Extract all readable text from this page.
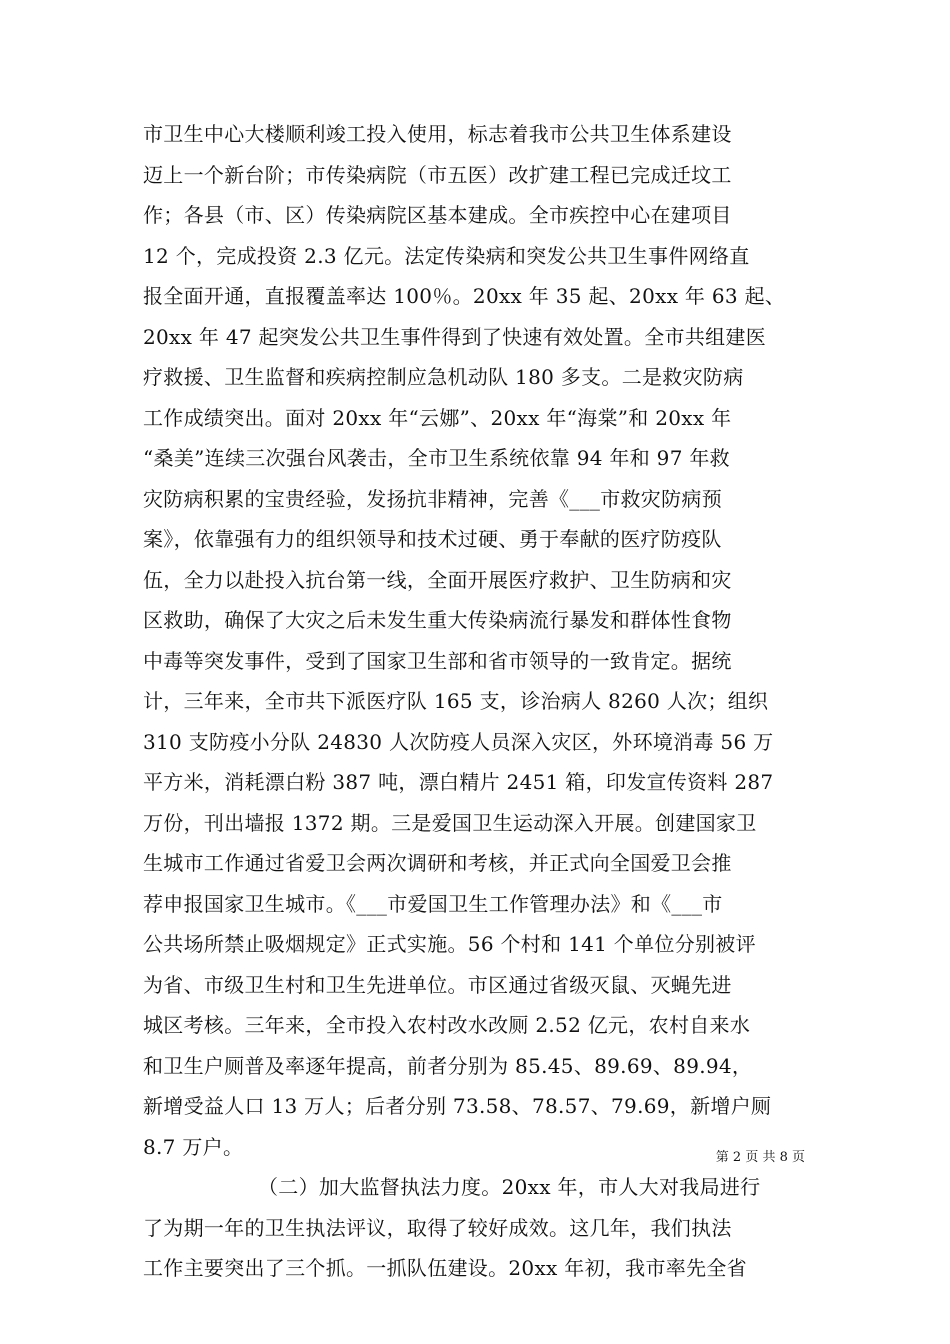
市卫生中心大楼顺利竣工投入使用，标志着我市公共卫生体系建设
迈上一个新台阶；市传染病院（市五医）改扩建工程已完成迁坟工
作；各县（市、区）传染病院区基本建成。全市疾控中心在建项目
12 个，完成投资 2.3 亿元。法定传染病和突发公共卫生事件网络直
报全面开通，直报覆盖率达 100％。20xx 年 35 起、20xx 年 63 起、
20xx 年 47 起突发公共卫生事件得到了快速有效处置。全市共组建医
疗救援、卫生监督和疾病控制应急机动队 180 多支。二是救灾防病
工作成绩突出。面对 20xx 年“云娜”、20xx 年“海棠”和 20xx 年
“桑美”连续三次强台风袭击，全市卫生系统依靠 94 年和 97 年救
灾防病积累的宝贵经验，发扬抗非精神，完善《___市救灾防病预
案》，依靠强有力的组织领导和技术过硬、勇于奉献的医疗防疫队
伍，全力以赴投入抗台第一线，全面开展医疗救护、卫生防病和灾
区救助，确保了大灾之后未发生重大传染病流行暴发和群体性食物
中毒等突发事件，受到了国家卫生部和省市领导的一致肯定。据统
计，三年来，全市共下派医疗队 165 支，诊治病人 8260 人次；组织
310 支防疫小分队 24830 人次防疫人员深入灾区，外环境消毒 56 万
平方米，消耗漂白粉 387 吨，漂白精片 2451 箱，印发宣传资料 287
万份，刊出墙报 1372 期。三是爱国卫生运动深入开展。创建国家卫
生城市工作通过省爱卫会两次调研和考核，并正式向全国爱卫会推
荐申报国家卫生城市。《___市爱国卫生工作管理办法》和《___市
公共场所禁止吸烟规定》正式实施。56 个村和 141 个单位分别被评
为省、市级卫生村和卫生先进单位。市区通过省级灭鼠、灭蝇先进
城区考核。三年来，全市投入农村改水改厕 2.52 亿元，农村自来水
和卫生户厕普及率逐年提高，前者分别为 85.45、89.69、89.94，
新增受益人口 13 万人；后者分别 73.58、78.57、79.69，新增户厕
8.7 万户。
（二）加大监督执法力度。20xx 年，市人大对我局进行
了为期一年的卫生执法评议，取得了较好成效。这几年，我们执法
工作主要突出了三个抓。一抓队伍建设。20xx 年初，我市率先全省
第 2 页 共 8 页
